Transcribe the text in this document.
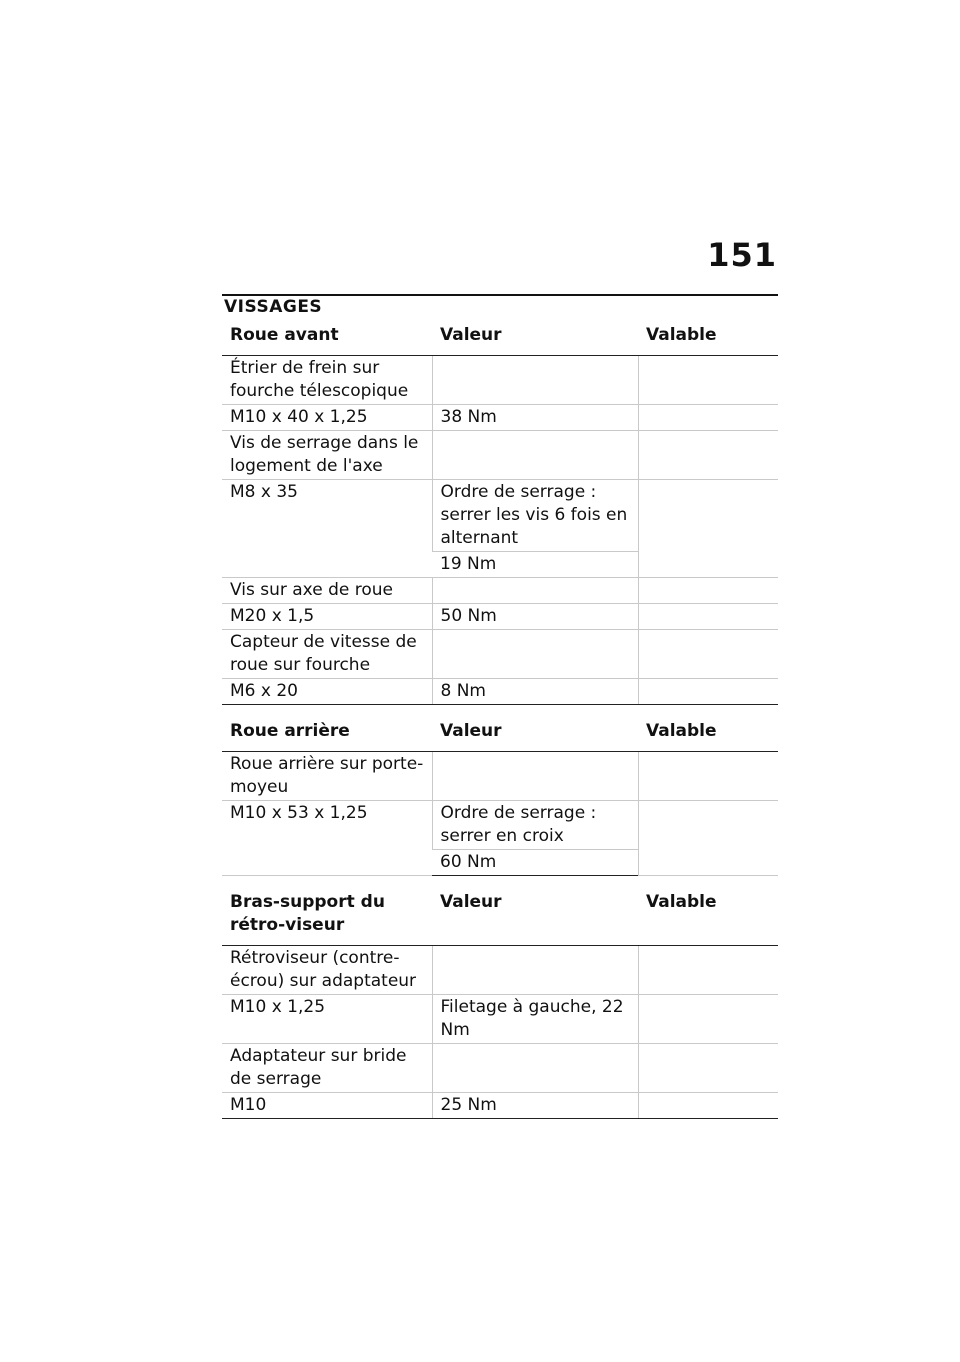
151
VISSAGES
Roue avant	Valeur	Valable
Étrier de frein sur fourche télescopique		
M10 x 40 x 1,25	38 Nm	
Vis de serrage dans le logement de l'axe		
M8 x 35	Ordre de serrage : serrer les vis 6 fois en alternant	
	19 Nm	
Vis sur axe de roue		
M20 x 1,5	50 Nm	
Capteur de vitesse de roue sur fourche		
M6 x 20	8 Nm	
Roue arrière	Valeur	Valable
Roue arrière sur porte-moyeu		
M10 x 53 x 1,25	Ordre de serrage : serrer en croix	
	60 Nm	
Bras-support du rétro-viseur	Valeur	Valable
Rétroviseur (contre-écrou) sur adaptateur		
M10 x 1,25	Filetage à gauche, 22 Nm	
Adaptateur sur bride de serrage		
M10	25 Nm	
